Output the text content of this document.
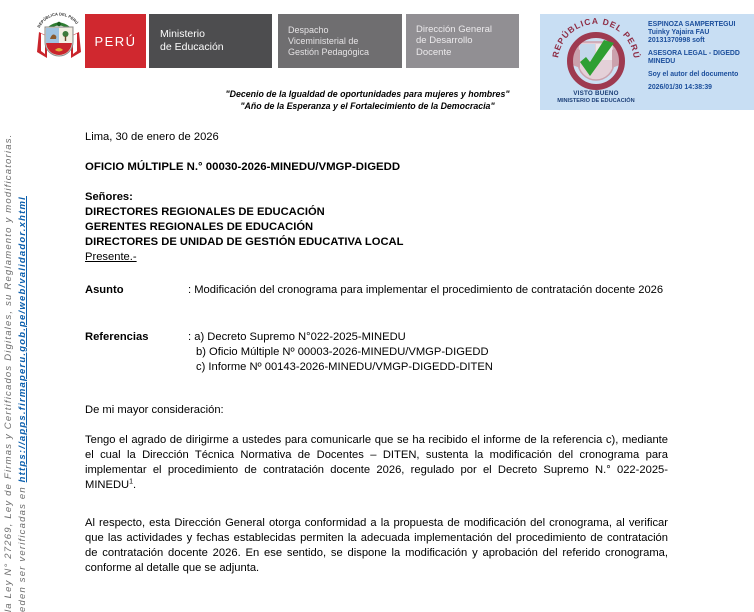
la Ley N° 27269, Ley de Firmas y Certificados Digitales, su Reglamento y modificatorias. eden ser verificadas en https://apps.firmaperu.gob.pe/web/validador.xhtml
REPÚBLICA DEL PERÚ
PERÚ Ministerio
de Educación
Despacho
Viceministerial de
Gestión Pedagógica
Dirección General
de Desarrollo
Docente	REPÚBLICA DEL PERÚ
VISTO BUENO
MINISTERIO DE EDUCACIÓN
ESPINOZA SAMPERTEGUI
Tuinky Yajaira FAU
20131370998 soft
ASESORA LEGAL - DIGEDD
MINEDU
Soy el autor del documento
2026/01/30 14:38:39
"Decenio de la Igualdad de oportunidades para mujeres y hombres"
"Año de la Esperanza y el Fortalecimiento de la Democracia"
Lima, 30 de enero de 2026
OFICIO MÚLTIPLE N.° 00030-2026-MINEDU/VMGP-DIGEDD
Señores:
DIRECTORES REGIONALES DE EDUCACIÓN
GERENTES REGIONALES DE EDUCACIÓN
DIRECTORES DE UNIDAD DE GESTIÓN EDUCATIVA LOCAL
Presente.-
Asunto	: Modificación del cronograma para implementar el procedimiento de contratación docente 2026
Referencias	: a) Decreto Supremo N°022-2025-MINEDU
b) Oficio Múltiple Nº 00003-2026-MINEDU/VMGP-DIGEDD
c) Informe Nº 00143-2026-MINEDU/VMGP-DIGEDD-DITEN
De mi mayor consideración:
Tengo el agrado de dirigirme a ustedes para comunicarle que se ha recibido el informe de la referencia c), mediante el cual la Dirección Técnica Normativa de Docentes – DITEN, sustenta la modificación del cronograma para implementar el procedimiento de contratación docente 2026, regulado por el Decreto Supremo N.° 022-2025-MINEDU$^1$.
Al respecto, esta Dirección General otorga conformidad a la propuesta de modificación del cronograma, al verificar que las actividades y fechas establecidas permiten la adecuada implementación del procedimiento de contratación de contratación docente 2026. En ese sentido, se dispone la modificación y aprobación del referido cronograma, conforme al detalle que se adjunta.
